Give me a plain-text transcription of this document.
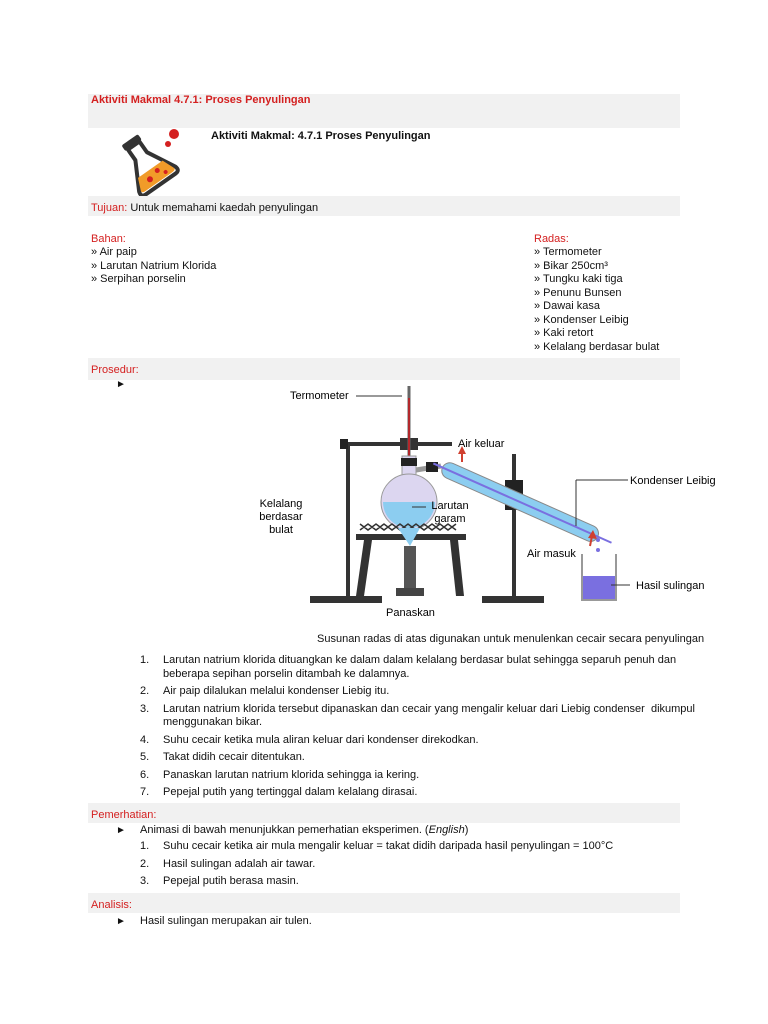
Aktiviti Makmal 4.7.1: Proses Penyulingan
Aktiviti Makmal: 4.7.1 Proses Penyulingan
Tujuan: Untuk memahami kaedah penyulingan
Bahan:
» Air paip
» Larutan Natrium Klorida
» Serpihan porselin
Radas:
» Termometer
» Bikar 250cm³
» Tungku kaki tiga
» Penunu Bunsen
» Dawai kasa
» Kondenser Leibig
» Kaki retort
» Kelalang berdasar bulat
Prosedur:
►
Termometer
Air keluar
Kondenser Leibig
Kelalang
berdasar
bulat
Larutan
garam
Air masuk
Hasil sulingan
Panaskan
Susunan radas di atas digunakan untuk menulenkan cecair secara penyulingan
1. Larutan natrium klorida dituangkan ke dalam dalam kelalang berdasar bulat sehingga separuh penuh dan beberapa sepihan porselin ditambah ke dalamnya.
2. Air paip dilalukan melalui kondenser Liebig itu.
3. Larutan natrium klorida tersebut dipanaskan dan cecair yang mengalir keluar dari Liebig condenser  dikumpul menggunakan bikar.
4. Suhu cecair ketika mula aliran keluar dari kondenser direkodkan.
5. Takat didih cecair ditentukan.
6. Panaskan larutan natrium klorida sehingga ia kering.
7. Pepejal putih yang tertinggal dalam kelalang dirasai.
Pemerhatian:
► Animasi di bawah menunjukkan pemerhatian eksperimen. (English)
1. Suhu cecair ketika air mula mengalir keluar = takat didih daripada hasil penyulingan = 100°C
2. Hasil sulingan adalah air tawar.
3. Pepejal putih berasa masin.
Analisis:
► Hasil sulingan merupakan air tulen.
